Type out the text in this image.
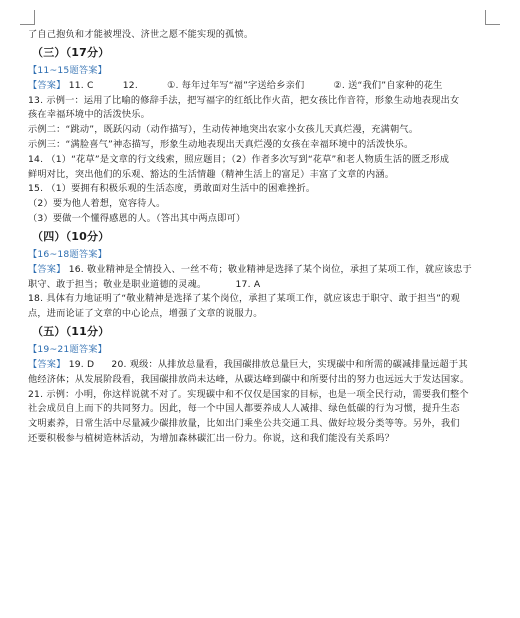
了自己抱负和才能被埋没、济世之愿不能实现的孤愤。
（三）（17分）
【11~15题答案】
【答案】 11. C	12.	①. 每年过年写“福”字送给乡亲们	②. 送“我们”自家种的花生
13. 示例一：运用了比喻的修辞手法，把写福字的红纸比作火苗，把女孩比作音符，形象生动地表现出女
孩在幸福环境中的活泼快乐。
示例二：“跳动”，既跃闪动（动作描写），生动传神地突出农家小女孩儿天真烂漫，充满朝气。
示例三：“满脸喜气”神态描写，形象生动地表现出天真烂漫的女孩在幸福环境中的活泼快乐。
14. （1）“花草”是文章的行文线索，照应题目；（2）作者多次写到“花草”和老人物质生活的匮乏形成
鲜明对比，突出他们的乐观、豁达的生活情趣（精神生活上的富足）丰富了文章的内涵。
15. （1）要拥有积极乐观的生活态度，勇敢面对生活中的困难挫折。
（2）要为他人着想，宽容待人。
（3）要做一个懂得感恩的人。（答出其中两点即可）
（四）（10分）
【16~18题答案】
【答案】 16. 敬业精神是全情投入、一丝不苟；敬业精神是选择了某个岗位，承担了某项工作，就应该忠于
职守、敢于担当；敬业是职业道德的灵魂。	17. A
18. 具体有力地证明了“敬业精神是选择了某个岗位，承担了某项工作，就应该忠于职守、敢于担当”的观
点，进而论证了文章的中心论点，增强了文章的说服力。
（五）（11分）
【19~21题答案】
【答案】 19. D 20. 观级：从排放总量看，我国碳排放总量巨大，实现碳中和所需的碳减排量远超于其
他经济体；从发展阶段看，我国碳排放尚未达峰，从碳达峰到碳中和所要付出的努力也远远大于发达国家。
21. 示例：小明，你这样说就不对了。实现碳中和不仅仅是国家的目标，也是一项全民行动，需要我们整个
社会成员自上而下的共同努力。因此，每一个中国人都要养成人人减排、绿色低碳的行为习惯，提升生态
文明素养，日常生活中尽量减少碳排放量，比如出门乘坐公共交通工具、做好垃圾分类等等。另外，我们
还要积极参与植树造林活动，为增加森林碳汇出一份力。你说，这和我们能没有关系吗？
